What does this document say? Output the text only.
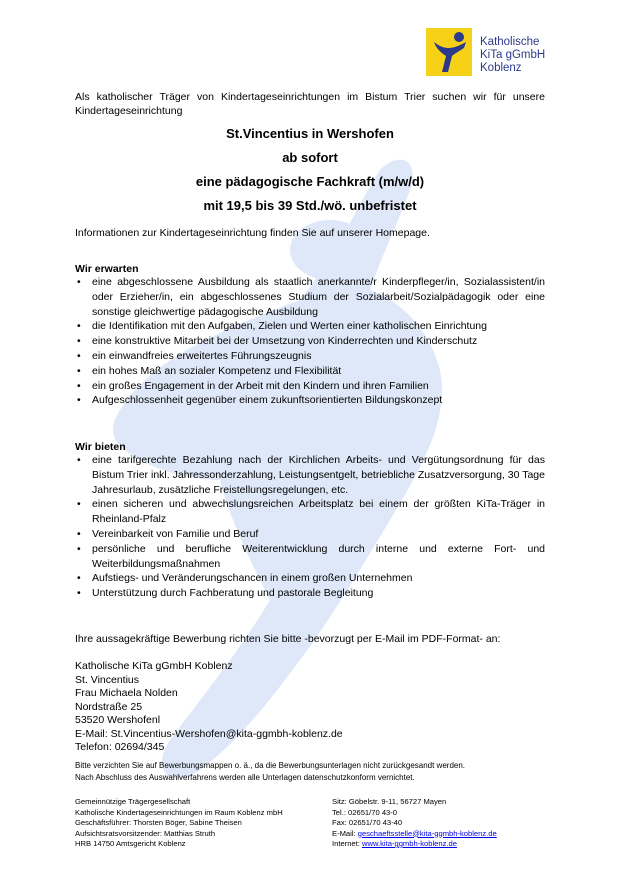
Katholische
KiTa gGmbH
Koblenz
Als katholischer Träger von Kindertageseinrichtungen im Bistum Trier suchen wir für unsere Kindertageseinrichtung
St.Vincentius in Wershofen
ab sofort
eine pädagogische Fachkraft (m/w/d)
mit 19,5 bis 39 Std./wö. unbefristet
Informationen zur Kindertageseinrichtung finden Sie auf unserer Homepage.
Wir erwarten
• eine abgeschlossene Ausbildung als staatlich anerkannte/r Kinderpfleger/in, Sozialassistent/in oder Erzieher/in, ein abgeschlossenes Studium der Sozialarbeit/Sozialpädagogik oder eine sonstige gleichwertige pädagogische Ausbildung
• die Identifikation mit den Aufgaben, Zielen und Werten einer katholischen Einrichtung
• eine konstruktive Mitarbeit bei der Umsetzung von Kinderrechten und Kinderschutz
• ein einwandfreies erweitertes Führungszeugnis
• ein hohes Maß an sozialer Kompetenz und Flexibilität
• ein großes Engagement in der Arbeit mit den Kindern und ihren Familien
• Aufgeschlossenheit gegenüber einem zukunftsorientierten Bildungskonzept
Wir bieten
• eine tarifgerechte Bezahlung nach der Kirchlichen Arbeits- und Vergütungsordnung für das Bistum Trier inkl. Jahressonderzahlung, Leistungsentgelt, betriebliche Zusatzversorgung, 30 Tage Jahresurlaub, zusätzliche Freistellungsregelungen, etc.
• einen sicheren und abwechslungsreichen Arbeitsplatz bei einem der größten KiTa-Träger in Rheinland-Pfalz
• Vereinbarkeit von Familie und Beruf
• persönliche und berufliche Weiterentwicklung durch interne und externe Fort- und Weiterbildungsmaßnahmen
• Aufstiegs- und Veränderungschancen in einem großen Unternehmen
• Unterstützung durch Fachberatung und pastorale Begleitung
Ihre aussagekräftige Bewerbung richten Sie bitte -bevorzugt per E-Mail im PDF-Format- an:
Katholische KiTa gGmbH Koblenz
St. Vincentius
Frau Michaela Nolden
Nordstraße 25
53520 Wershofenl
E-Mail: St.Vincentius-Wershofen@kita-ggmbh-koblenz.de
Telefon: 02694/345
Bitte verzichten Sie auf Bewerbungsmappen o. ä., da die Bewerbungsunterlagen nicht zurückgesandt werden.
Nach Abschluss des Auswahlverfahrens werden alle Unterlagen datenschutzkonform vernichtet.
Gemeinnützige Trägergesellschaft
Katholische Kindertageseinrichtungen im Raum Koblenz mbH
Geschäftsführer: Thorsten Böger, Sabine Theisen
Aufsichtsratsvorsitzender: Matthias Struth
HRB 14750 Amtsgericht Koblenz
Sitz: Göbelstr. 9-11, 56727 Mayen
Tel.: 02651/70 43-0
Fax: 02651/70 43-40
E-Mail: geschaeftsstelle@kita-ggmbh-koblenz.de
Internet: www.kita-ggmbh-koblenz.de
